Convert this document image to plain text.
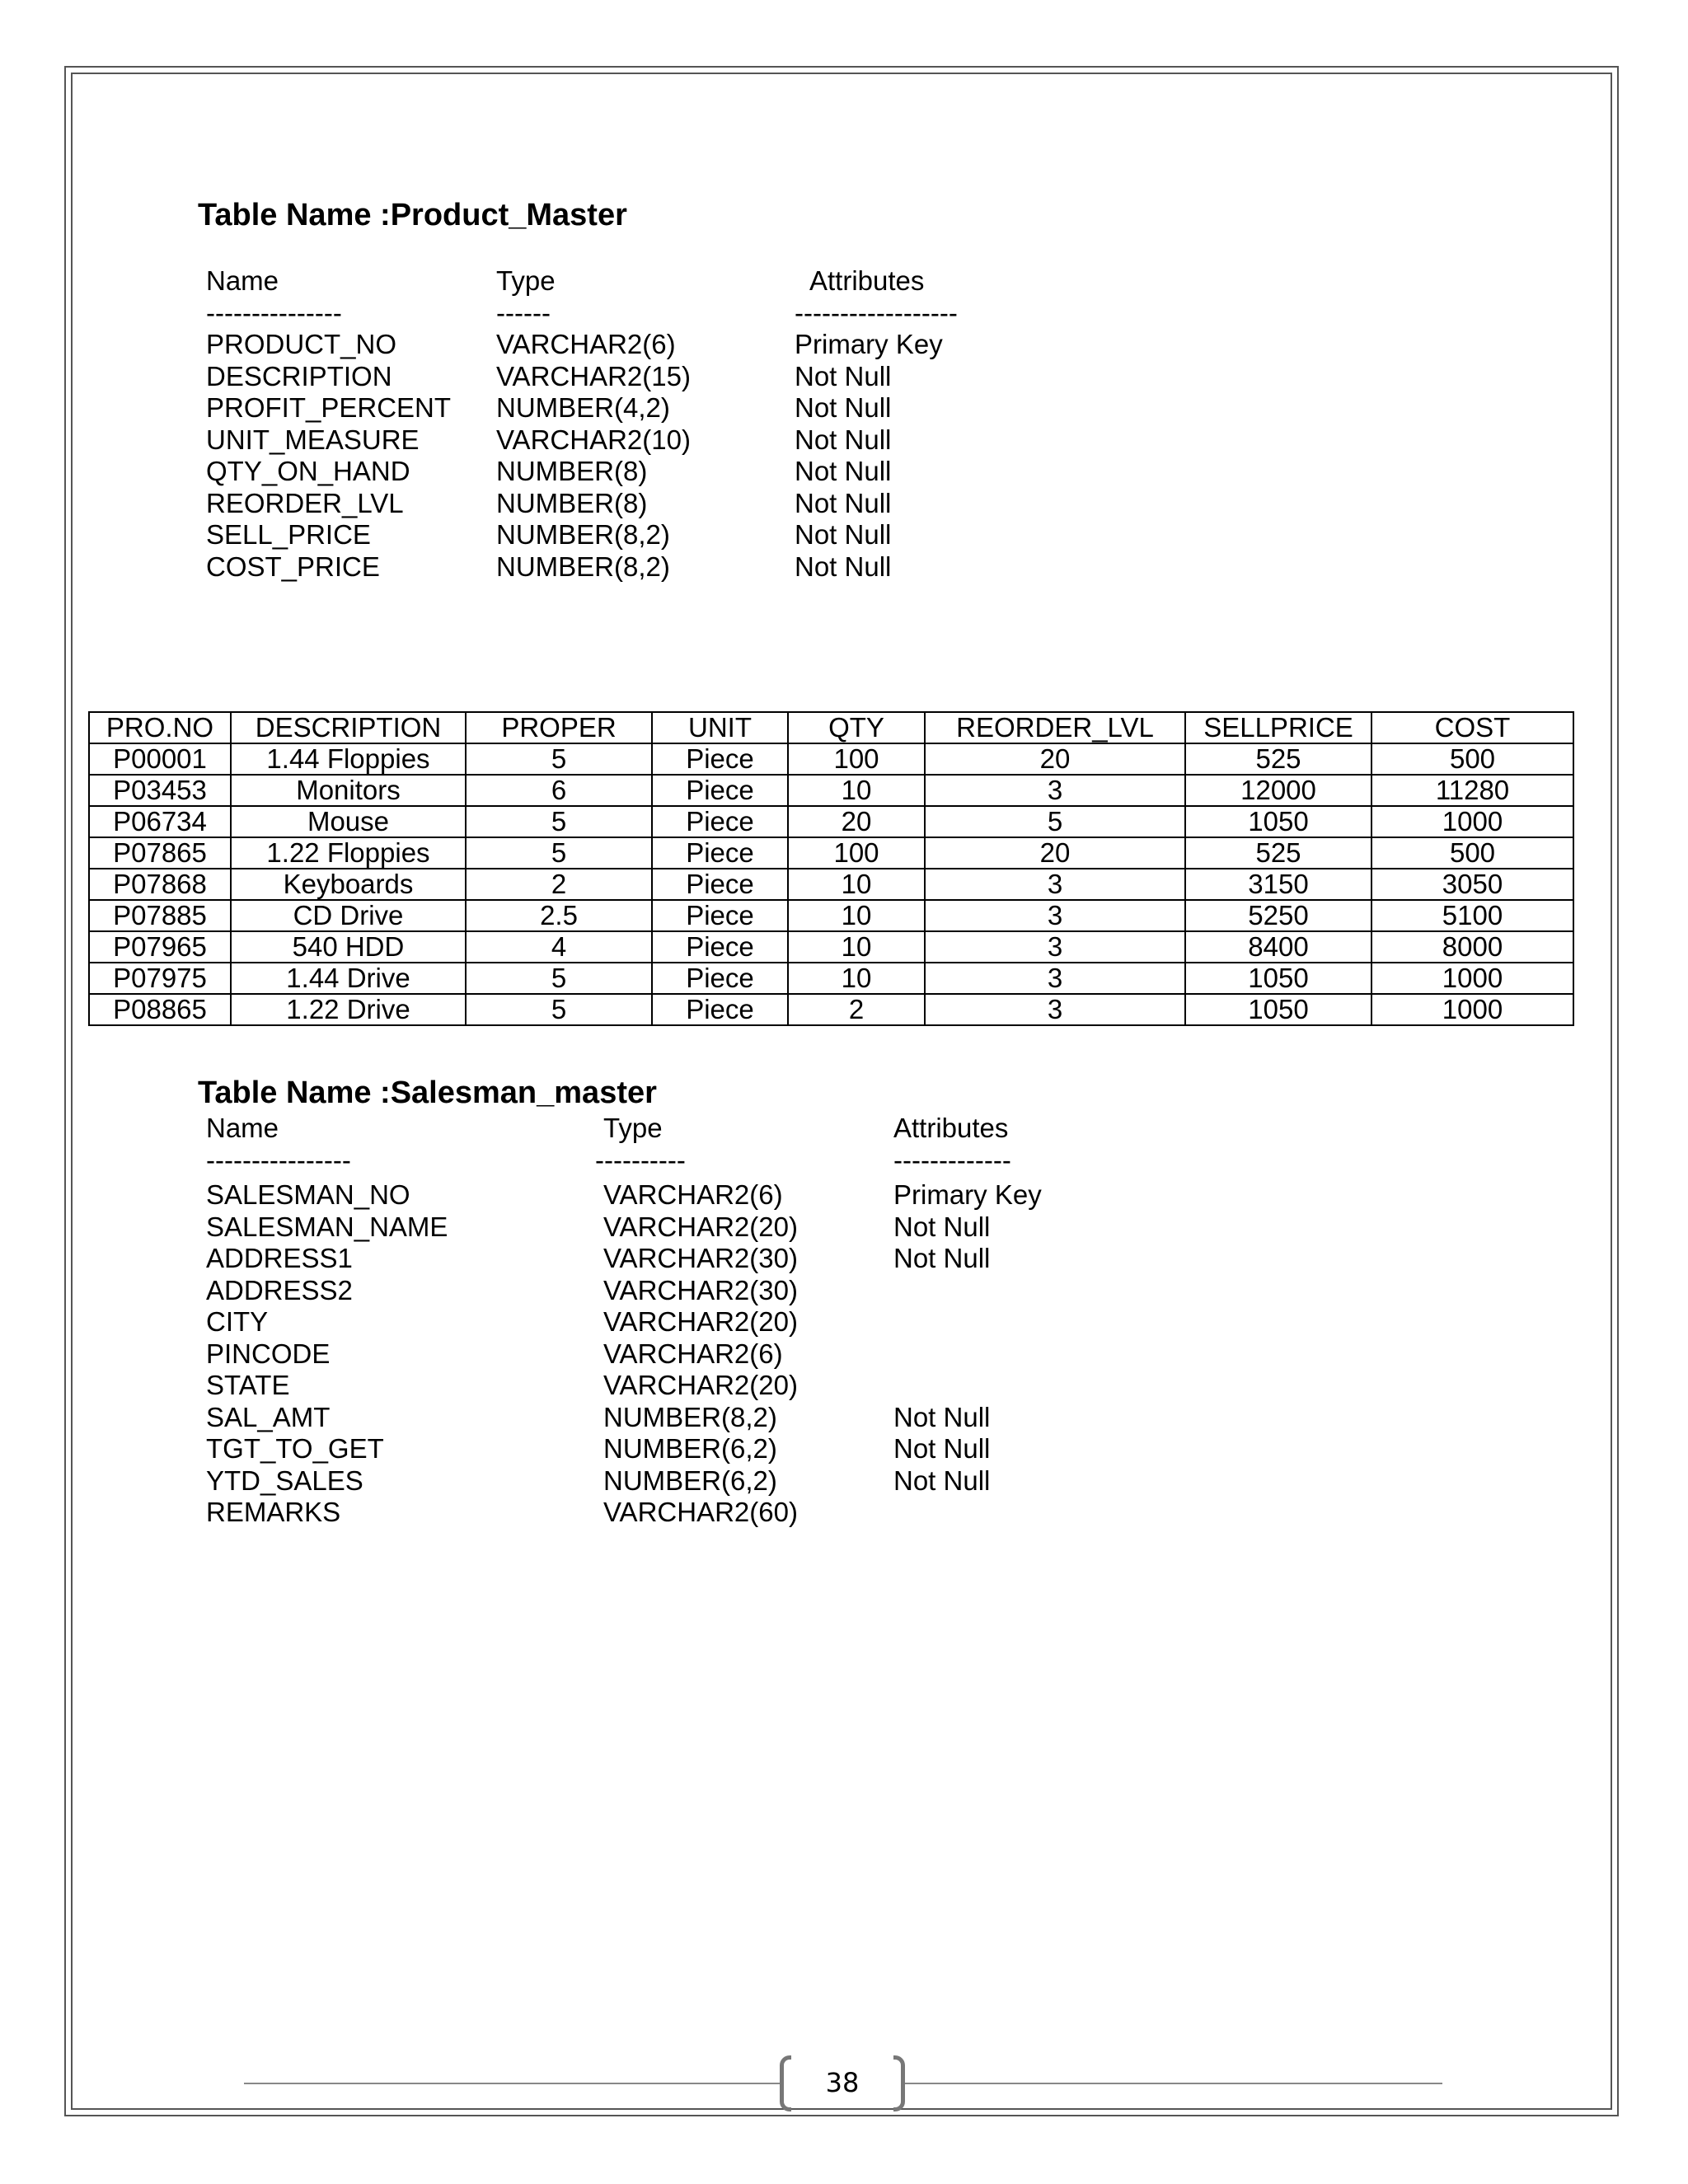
Table Name :Product_Master
Name	Type	Attributes
---------------	------	------------------
PRODUCT_NO	VARCHAR2(6)	Primary Key
DESCRIPTION	VARCHAR2(15)	Not Null
PROFIT_PERCENT NUMBER(4,2)	Not Null
UNIT_MEASURE	VARCHAR2(10)	Not Null
QTY_ON_HAND	NUMBER(8)	Not Null
REORDER_LVL	NUMBER(8)	Not Null
SELL_PRICE	NUMBER(8,2)	Not Null
COST_PRICE	NUMBER(8,2)	Not Null
PRO.NO	DESCRIPTION	PROPER	UNIT	QTY	REORDER_LVL	SELLPRICE	COST
P00001	1.44 Floppies	5	Piece	100	20	525	500
P03453	Monitors	6	Piece	10	3	12000	11280
P06734	Mouse	5	Piece	20	5	1050	1000
P07865	1.22 Floppies	5	Piece	100	20	525	500
P07868	Keyboards	2	Piece	10	3	3150	3050
P07885	CD Drive	2.5	Piece	10	3	5250	5100
P07965	540 HDD	4	Piece	10	3	8400	8000
P07975	1.44 Drive	5	Piece	10	3	1050	1000
P08865	1.22 Drive	5	Piece	2	3	1050	1000
Table Name :Salesman_master
Name	Type	Attributes
----------------	----------	-------------
SALESMAN_NO	VARCHAR2(6)	Primary Key
SALESMAN_NAME	VARCHAR2(20)	Not Null
ADDRESS1	VARCHAR2(30)	Not Null
ADDRESS2	VARCHAR2(30)
CITY	VARCHAR2(20)
PINCODE	VARCHAR2(6)
STATE	VARCHAR2(20)
SAL_AMT	NUMBER(8,2)	Not Null
TGT_TO_GET	NUMBER(6,2)	Not Null
YTD_SALES	NUMBER(6,2)	Not Null
REMARKS	VARCHAR2(60)
38
